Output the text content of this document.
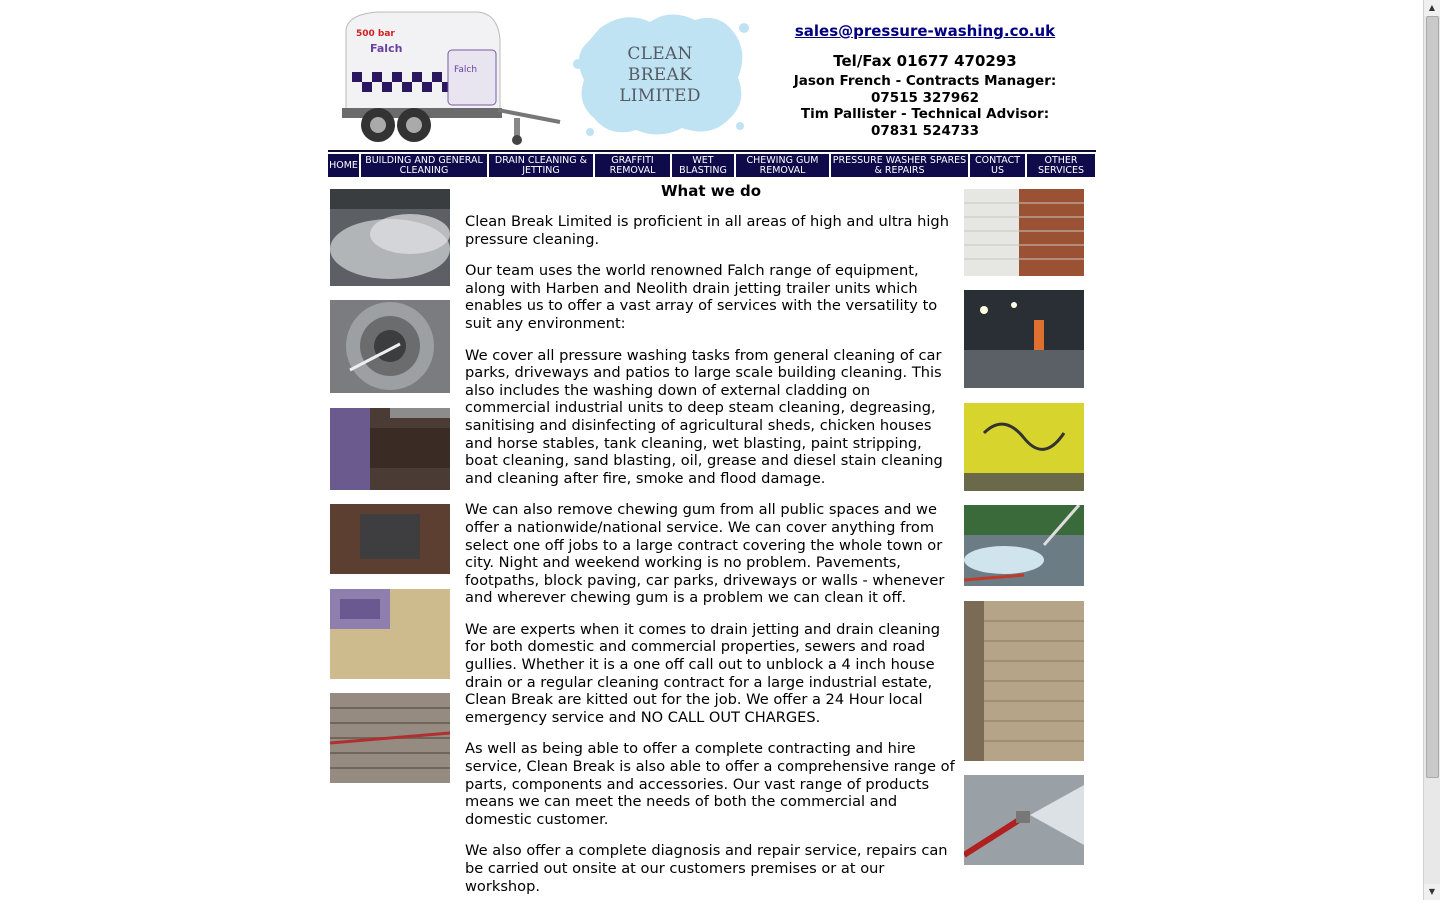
500 bar
Falch
Falch
CLEAN
BREAK
LIMITED
sales@pressure-washing.co.uk
Tel/Fax 01677 470293
Jason French - Contracts Manager:
07515 327962
Tim Pallister - Technical Advisor:
07831 524733
HOME BUILDING AND GENERAL CLEANING
DRAIN CLEANING & JETTING
GRAFFITI REMOVAL
WET BLASTING
CHEWING GUM REMOVAL
PRESSURE WASHER SPARES & REPAIRS
CONTACT US
OTHER SERVICES
What we do

Clean Break Limited is proficient in all areas of high and ultra high pressure cleaning.

Our team uses the world renowned Falch range of equipment, along with Harben and Neolith drain jetting trailer units which enables us to offer a vast array of services with the versatility to suit any environment:

We cover all pressure washing tasks from general cleaning of car parks, driveways and patios to large scale building cleaning. This also includes the washing down of external cladding on commercial industrial units to deep steam cleaning, degreasing, sanitising and disinfecting of agricultural sheds, chicken houses and horse stables, tank cleaning, wet blasting, paint stripping, boat cleaning, sand blasting, oil, grease and diesel stain cleaning and cleaning after fire, smoke and flood damage.

We can also remove chewing gum from all public spaces and we offer a nationwide/national service. We can cover anything from select one off jobs to a large contract covering the whole town or city. Night and weekend working is no problem. Pavements, footpaths, block paving, car parks, driveways or walls - whenever and wherever chewing gum is a problem we can clean it off.

We are experts when it comes to drain jetting and drain cleaning for both domestic and commercial properties, sewers and road gullies. Whether it is a one off call out to unblock a 4 inch house drain or a regular cleaning contract for a large industrial estate, Clean Break are kitted out for the job. We offer a 24 Hour local emergency service and NO CALL OUT CHARGES.

As well as being able to offer a complete contracting and hire service, Clean Break is also able to offer a comprehensive range of parts, components and accessories. Our vast range of products means we can meet the needs of both the commercial and domestic customer.

We also offer a complete diagnosis and repair service, repairs can be carried out onsite at our customers premises or at our workshop.

▲
▼
